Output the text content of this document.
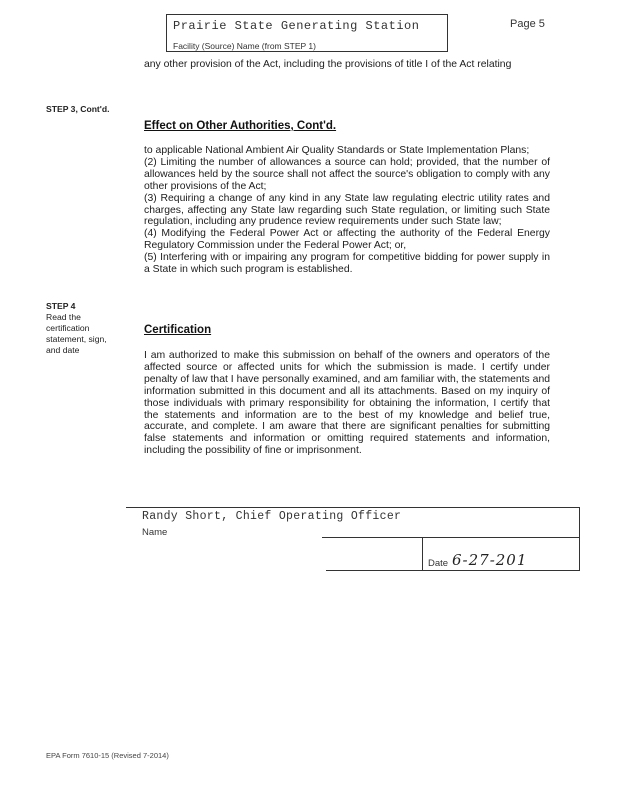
Prairie State Generating Station
Facility (Source) Name (from STEP 1)
Page 5
any other provision of the Act, including the provisions of title I of the Act relating
STEP 3, Cont'd.
Effect on Other Authorities, Cont'd.
to applicable National Ambient Air Quality Standards or State Implementation Plans;
(2) Limiting the number of allowances a source can hold; provided, that the number of allowances held by the source shall not affect the source's obligation to comply with any other provisions of the Act;
(3) Requiring a change of any kind in any State law regulating electric utility rates and charges, affecting any State law regarding such State regulation, or limiting such State regulation, including any prudence review requirements under such State law;
(4) Modifying the Federal Power Act or affecting the authority of the Federal Energy Regulatory Commission under the Federal Power Act; or,
(5) Interfering with or impairing any program for competitive bidding for power supply in a State in which such program is established.
STEP 4
Read the certification statement, sign, and date
Certification
I am authorized to make this submission on behalf of the owners and operators of the affected source or affected units for which the submission is made. I certify under penalty of law that I have personally examined, and am familiar with, the statements and information submitted in this document and all its attachments. Based on my inquiry of those individuals with primary responsibility for obtaining the information, I certify that the statements and information are to the best of my knowledge and belief true, accurate, and complete. I am aware that there are significant penalties for submitting false statements and information or omitting required statements and information, including the possibility of fine or imprisonment.
Randy Short, Chief Operating Officer
Name
Date 6-27-201
EPA Form 7610-15 (Revised 7-2014)
